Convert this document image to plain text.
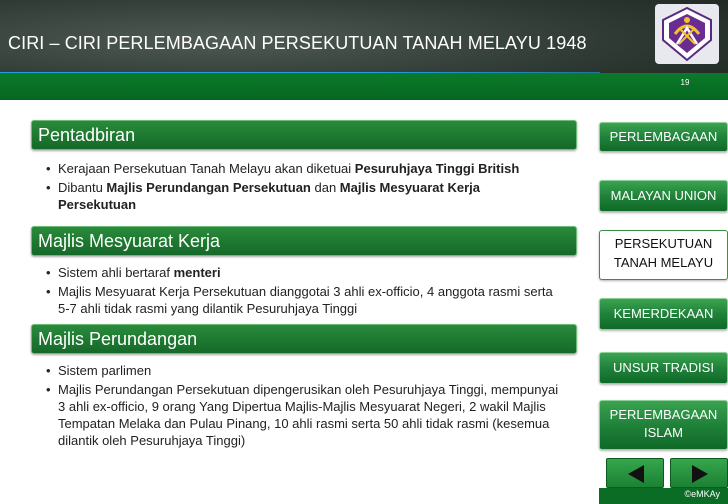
CIRI – CIRI PERLEMBAGAAN PERSEKUTUAN TANAH MELAYU 1948
19
Pentadbiran
• Kerajaan Persekutuan Tanah Melayu akan diketuai Pesuruhjaya Tinggi British
• Dibantu Majlis Perundangan Persekutuan dan Majlis Mesyuarat Kerja Persekutuan
Majlis Mesyuarat Kerja
• Sistem ahli bertaraf menteri
• Majlis Mesyuarat Kerja Persekutuan dianggotai 3 ahli ex-officio, 4 anggota rasmi serta 5-7 ahli tidak rasmi yang dilantik Pesuruhjaya Tinggi
Majlis Perundangan
• Sistem parlimen
• Majlis Perundangan Persekutuan dipengerusikan oleh Pesuruhjaya Tinggi, mempunyai 3 ahli ex-officio, 9 orang Yang Dipertua Majlis-Majlis Mesyuarat Negeri, 2 wakil Majlis Tempatan Melaka dan Pulau Pinang, 10 ahli rasmi serta 50 ahli tidak rasmi (kesemua dilantik oleh Pesuruhjaya Tinggi)
PERLEMBAGAAN
MALAYAN UNION
PERSEKUTUAN TANAH MELAYU
KEMERDEKAAN
UNSUR TRADISI
PERLEMBAGAAN ISLAM
©eMKAy
